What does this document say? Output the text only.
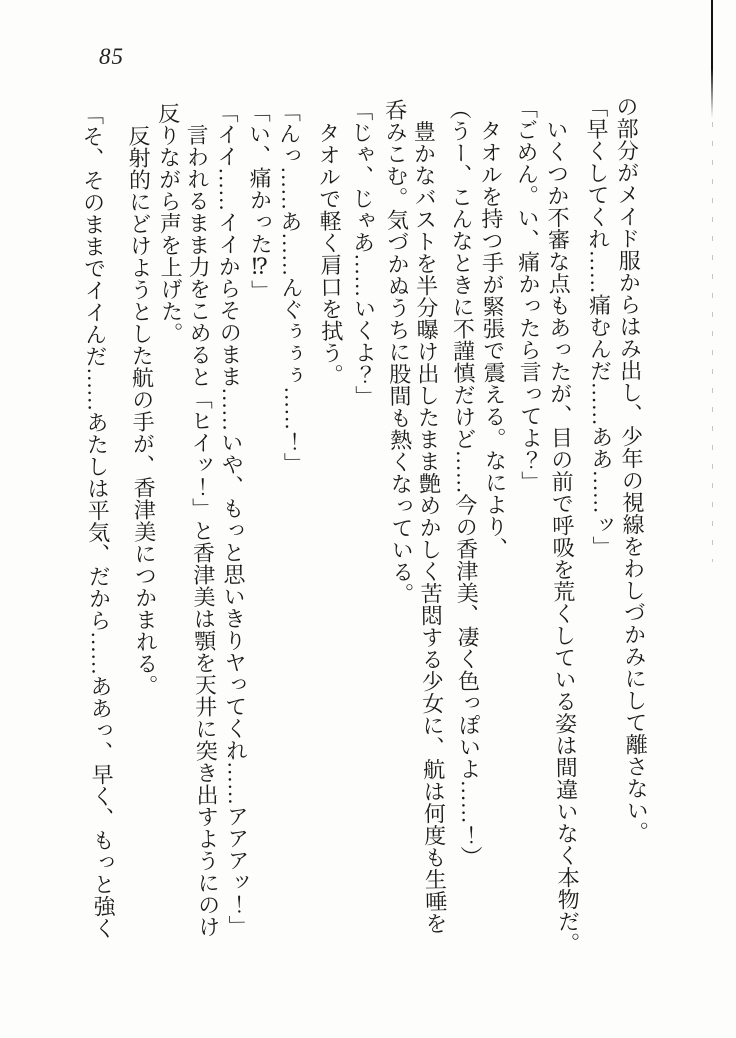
85

の部分がメイド服からはみ出し、少年の視線をわしづかみにして離さない。

「早くしてくれ……痛むんだ……ああ……ッ」

いくつか不審な点もあったが、目の前で呼吸を荒くしている姿は間違いなく本物だ。

「ごめん。い、痛かったら言ってよ？」

タオルを持つ手が緊張で震える。なにより、

（うー、こんなときに不謹慎だけど……今の香津美、凄く色っぽいよ……！）

豊かなバストを半分曝け出したまま艶めかしく苦悶する少女に、航は何度も生唾を
呑みこむ。気づかぬうちに股間も熱くなっている。

「じゃ、じゃあ……いくよ？」

タオルで軽く肩口を拭う。

「んっ……あ……んぐぅぅぅ……！」

「い、痛かった⁉」

「イイ……イイからそのまま……いや、もっと思いきりヤってくれ……アアアッ！」

言われるまま力をこめると「ヒイッ！」と香津美は顎を天井に突き出すようにのけ
反りながら声を上げた。

反射的にどけようとした航の手が、香津美につかまれる。

「そ、そのままでイイんだ……あたしは平気、だから……ああっ、早く、もっと強く
